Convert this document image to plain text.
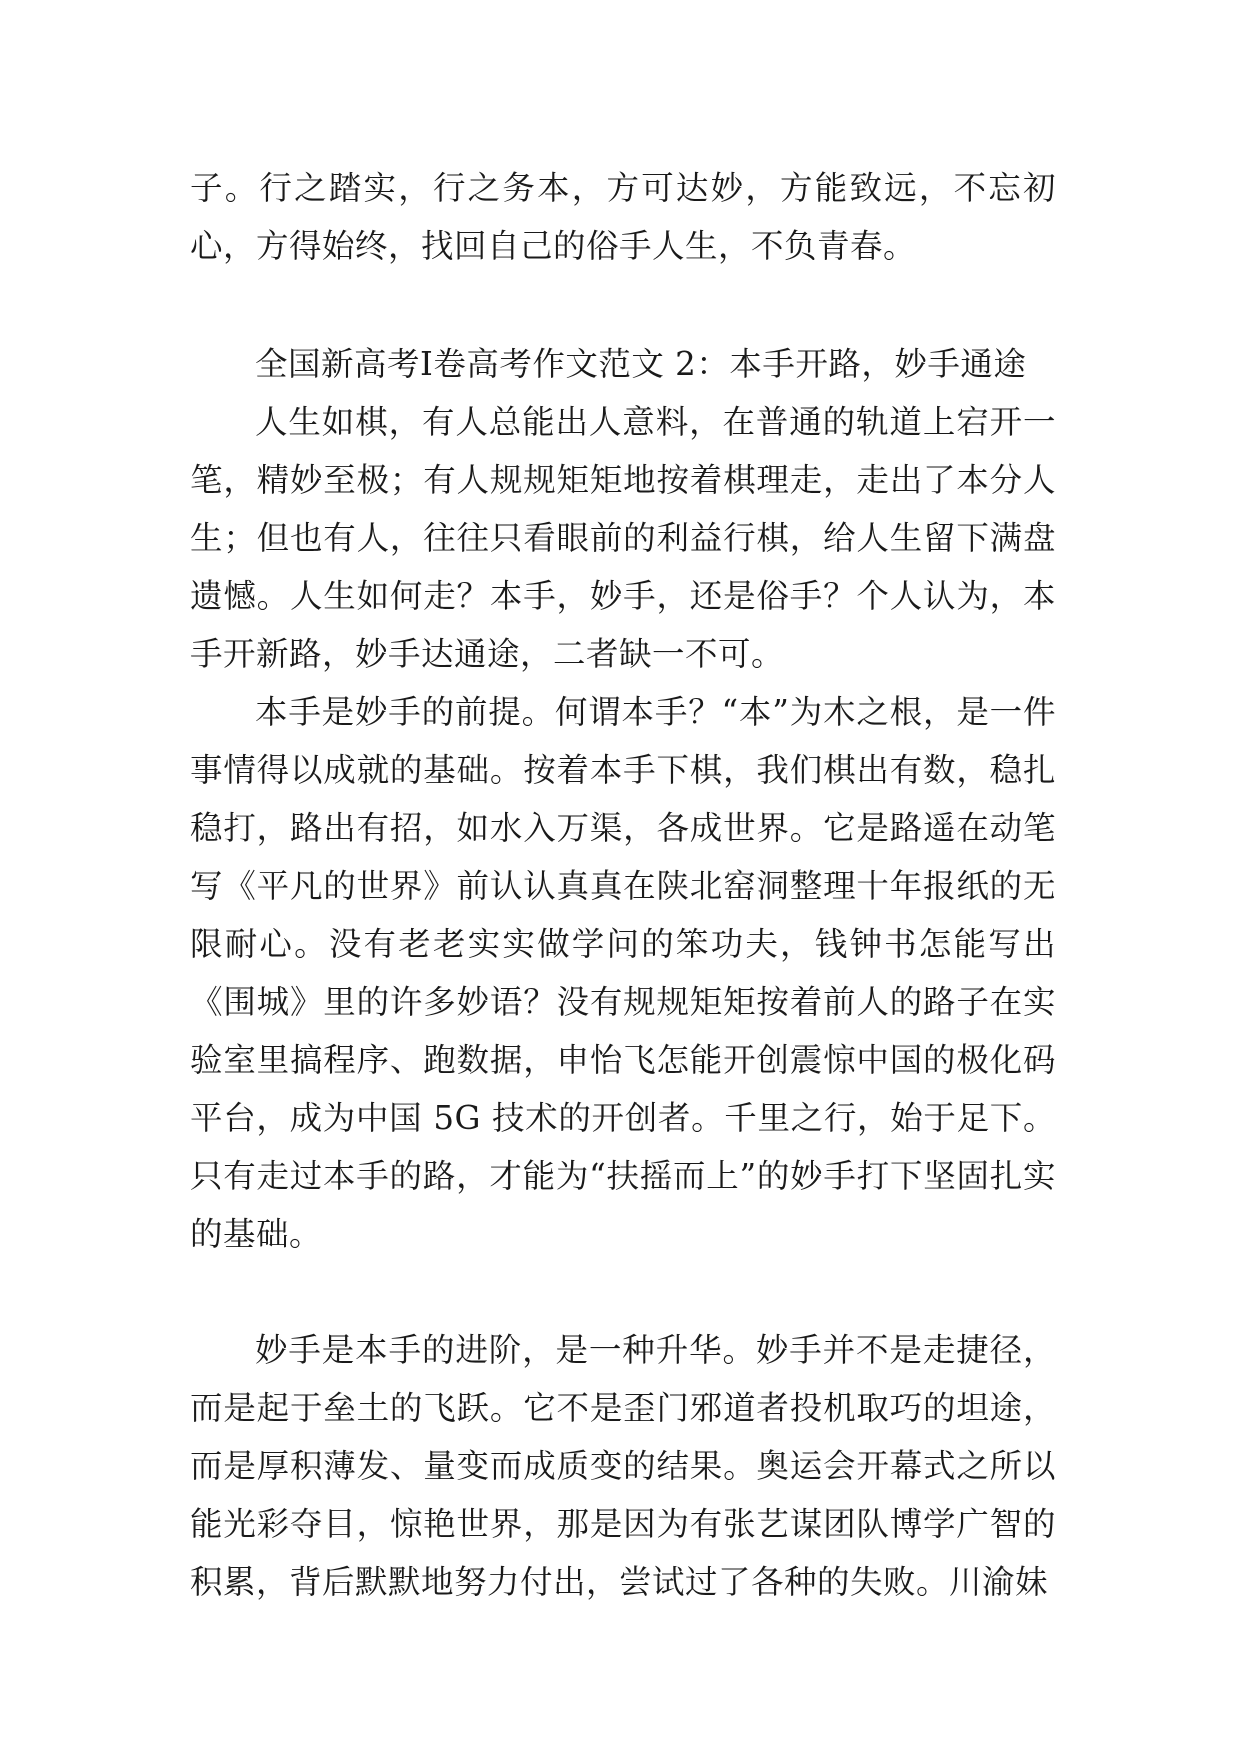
子。行之踏实，行之务本，方可达妙，方能致远，不忘初心，方得始终，找回自己的俗手人生，不负青春。

全国新高考Ⅰ卷高考作文范文 2：本手开路，妙手通途

人生如棋，有人总能出人意料，在普通的轨道上宕开一笔，精妙至极；有人规规矩矩地按着棋理走，走出了本分人生；但也有人，往往只看眼前的利益行棋，给人生留下满盘遗憾。人生如何走？本手，妙手，还是俗手？个人认为，本手开新路，妙手达通途，二者缺一不可。

本手是妙手的前提。何谓本手？“本”为木之根，是一件事情得以成就的基础。按着本手下棋，我们棋出有数，稳扎稳打，路出有招，如水入万渠，各成世界。它是路遥在动笔写《平凡的世界》前认认真真在陕北窑洞整理十年报纸的无限耐心。没有老老实实做学问的笨功夫，钱钟书怎能写出《围城》里的许多妙语？没有规规矩矩按着前人的路子在实验室里搞程序、跑数据，申怡飞怎能开创震惊中国的极化码平台，成为中国 5G 技术的开创者。千里之行，始于足下。只有走过本手的路，才能为“扶摇而上”的妙手打下坚固扎实的基础。

妙手是本手的进阶，是一种升华。妙手并不是走捷径，而是起于垒土的飞跃。它不是歪门邪道者投机取巧的坦途，而是厚积薄发、量变而成质变的结果。奥运会开幕式之所以能光彩夺目，惊艳世界，那是因为有张艺谋团队博学广智的积累，背后默默地努力付出，尝试过了各种的失败。川渝妹
